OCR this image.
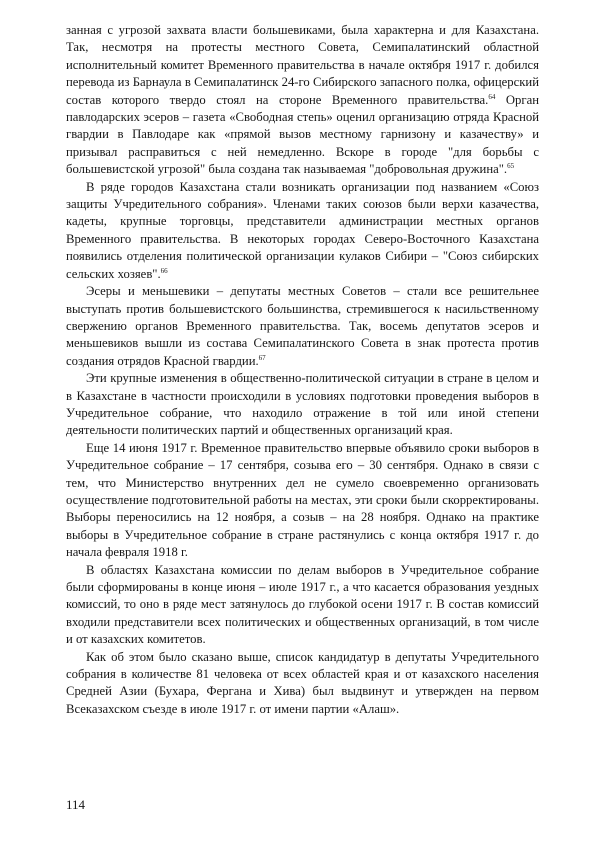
занная с угрозой захвата власти большевиками, была характерна и для Казахстана. Так, несмотря на протесты местного Совета, Семипалатинский областной исполнительный комитет Временного правительства в начале октября 1917 г. добился перевода из Барнаула в Семипалатинск 24-го Сибирского запасного полка, офицерский состав которого твердо стоял на стороне Временного правительства.$^{64}$ Орган павлодарских эсеров – газета «Свободная степь» оценил организацию отряда Красной гвардии в Павлодаре как «прямой вызов местному гарнизону и казачеству» и призывал расправиться с ней немедленно. Вскоре в городе "для борьбы с большевистской угрозой" была создана так называемая "добровольная дружина".$^{65}$

В ряде городов Казахстана стали возникать организации под названием «Союз защиты Учредительного собрания». Членами таких союзов были верхи казачества, кадеты, крупные торговцы, представители администрации местных органов Временного правительства. В некоторых городах Северо-Восточного Казахстана появились отделения политической организации кулаков Сибири – "Союз сибирских сельских хозяев".$^{66}$

Эсеры и меньшевики – депутаты местных Советов – стали все решительнее выступать против большевистского большинства, стремившегося к насильственному свержению органов Временного правительства. Так, восемь депутатов эсеров и меньшевиков вышли из состава Семипалатинского Совета в знак протеста против создания отрядов Красной гвардии.$^{67}$

Эти крупные изменения в общественно-политической ситуации в стране в целом и в Казахстане в частности происходили в условиях подготовки проведения выборов в Учредительное собрание, что находило отражение в той или иной степени деятельности политических партий и общественных организаций края.

Еще 14 июня 1917 г. Временное правительство впервые объявило сроки выборов в Учредительное собрание – 17 сентября, созыва его – 30 сентября. Однако в связи с тем, что Министерство внутренних дел не сумело своевременно организовать осуществление подготовительной работы на местах, эти сроки были скорректированы. Выборы переносились на 12 ноября, а созыв – на 28 ноября. Однако на практике выборы в Учредительное собрание в стране растянулись с конца октября 1917 г. до начала февраля 1918 г.

В областях Казахстана комиссии по делам выборов в Учредительное собрание были сформированы в конце июня – июле 1917 г., а что касается образования уездных комиссий, то оно в ряде мест затянулось до глубокой осени 1917 г. В состав комиссий входили представители всех политических и общественных организаций, в том числе и от казахских комитетов.

Как об этом было сказано выше, список кандидатур в депутаты Учредительного собрания в количестве 81 человека от всех областей края и от казахского населения Средней Азии (Бухара, Фергана и Хива) был выдвинут и утвержден на первом Всеказахском съезде в июле 1917 г. от имени партии «Алаш».

114
